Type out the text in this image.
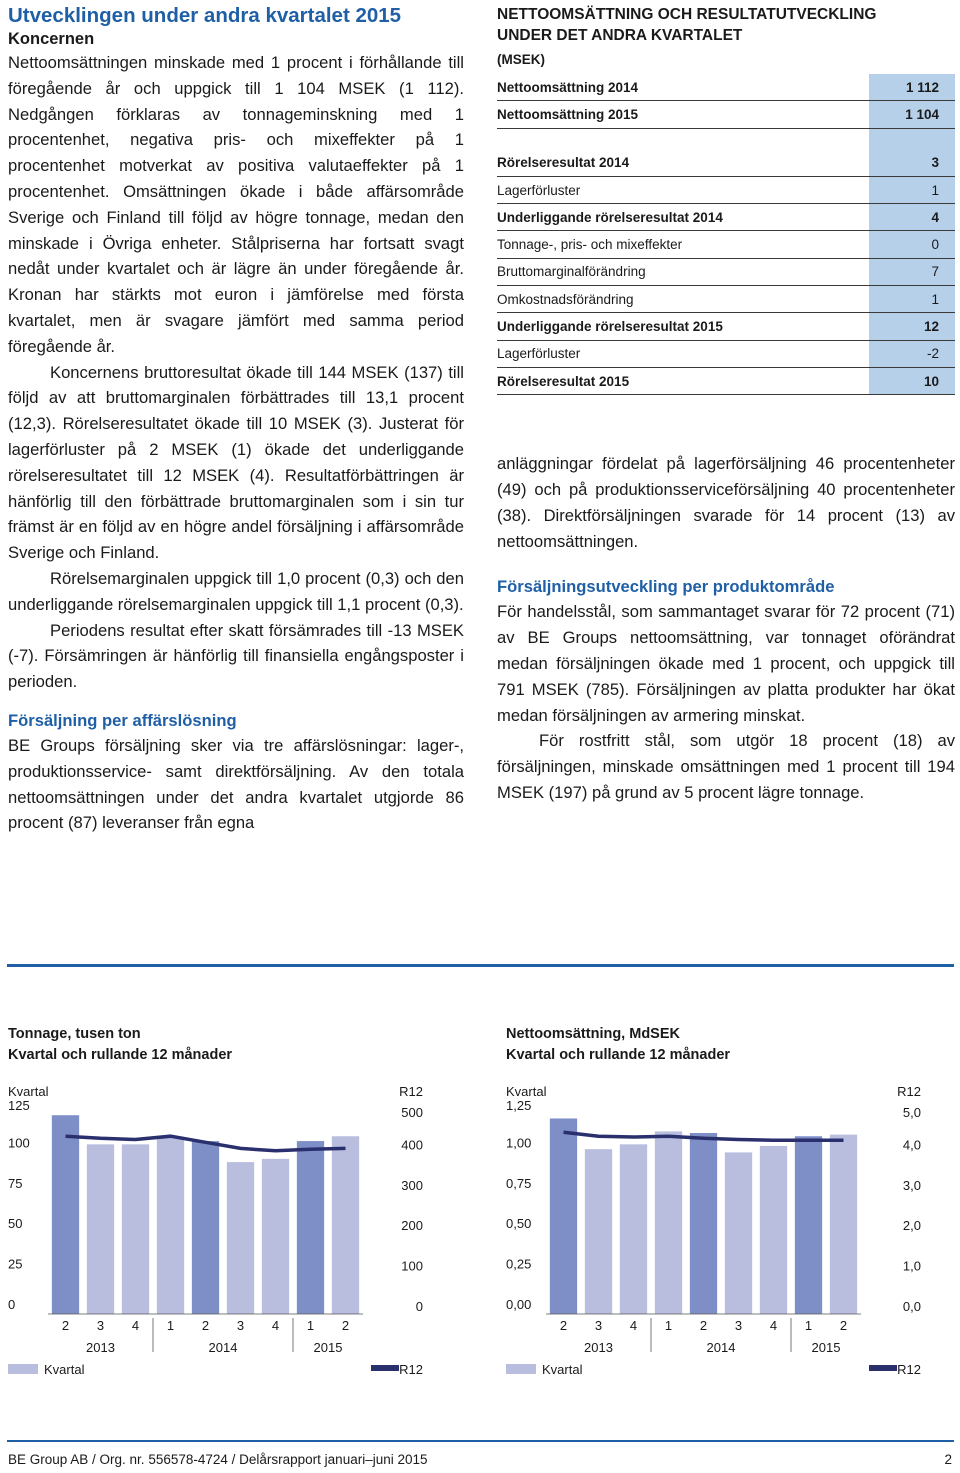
Utvecklingen under andra kvartalet 2015
Koncernen

Nettoomsättningen minskade med 1 procent i förhållande till föregående år och uppgick till 1 104 MSEK (1 112). Nedgången förklaras av tonnageminskning med 1 procentenhet, negativa pris- och mixeffekter på 1 procentenhet motverkat av positiva valutaeffekter på 1 procentenhet. Omsättningen ökade i både affärsområde Sverige och Finland till följd av högre tonnage, medan den minskade i Övriga enheter. Stålpriserna har fortsatt svagt nedåt under kvartalet och är lägre än under föregående år. Kronan har stärkts mot euron i jämförelse med första kvartalet, men är svagare jämfört med samma period föregående år.

Koncernens bruttoresultat ökade till 144 MSEK (137) till följd av att bruttomarginalen förbättrades till 13,1 procent (12,3). Rörelseresultatet ökade till 10 MSEK (3). Justerat för lagerförluster på 2 MSEK (1) ökade det underliggande rörelseresultatet till 12 MSEK (4). Resultatförbättringen är hänförlig till den förbättrade bruttomarginalen som i sin tur främst är en följd av en högre andel försäljning i affärsområde Sverige och Finland.

Rörelsemarginalen uppgick till 1,0 procent (0,3) och den underliggande rörelsemarginalen uppgick till 1,1 procent (0,3).

Periodens resultat efter skatt försämrades till -13 MSEK (-7). Försämringen är hänförlig till finansiella engångsposter i perioden.

Försäljning per affärslösning

BE Groups försäljning sker via tre affärslösningar: lager-, produktionsservice- samt direktförsäljning. Av den totala nettoomsättningen under det andra kvartalet utgjorde 86 procent (87) leveranser från egna

NETTOOMSÄTTNING OCH RESULTATUTVECKLING
UNDER DET ANDRA KVARTALET
(MSEK)
Nettoomsättning 2014	1 112
Nettoomsättning 2015	1 104
Rörelseresultat 2014	3
Lagerförluster	1
Underliggande rörelseresultat 2014	4
Tonnage-, pris- och mixeffekter	0
Bruttomarginalförändring	7
Omkostnadsförändring	1
Underliggande rörelseresultat 2015	12
Lagerförluster	-2
Rörelseresultat 2015	10

anläggningar fördelat på lagerförsäljning 46 procentenheter (49) och på produktionsserviceförsäljning 40 procentenheter (38). Direktförsäljningen svarade för 14 procent (13) av nettoomsättningen.

Försäljningsutveckling per produktområde

För handelsstål, som sammantaget svarar för 72 procent (71) av BE Groups nettoomsättning, var tonnaget oförändrat medan försäljningen ökade med 1 procent, och uppgick till 791 MSEK (785). Försäljningen av platta produkter har ökat medan försäljningen av armering minskat.

För rostfritt stål, som utgör 18 procent (18) av försäljningen, minskade omsättningen med 1 procent till 194 MSEK (197) på grund av 5 procent lägre tonnage.

Tonnage, tusen ton
Kvartal och rullande 12 månader
Kvartal	R12
0
25
50
75
100
125
0
100
200
300
400
500
2 3 4 1 2 3 4 1 2
2013	2014	2015
Kvartal	R12
Nettoomsättning, MdSEK
Kvartal och rullande 12 månader
Kvartal	R12
0,00
0,25
0,50
0,75
1,00
1,25
0,0
1,0
2,0
3,0
4,0
5,0
2 3 4 1 2 3 4 1 2
2013	2014	2015
Kvartal	R12
BE Group AB / Org. nr. 556578-4724 / Delårsrapport januari–juni 2015	2
